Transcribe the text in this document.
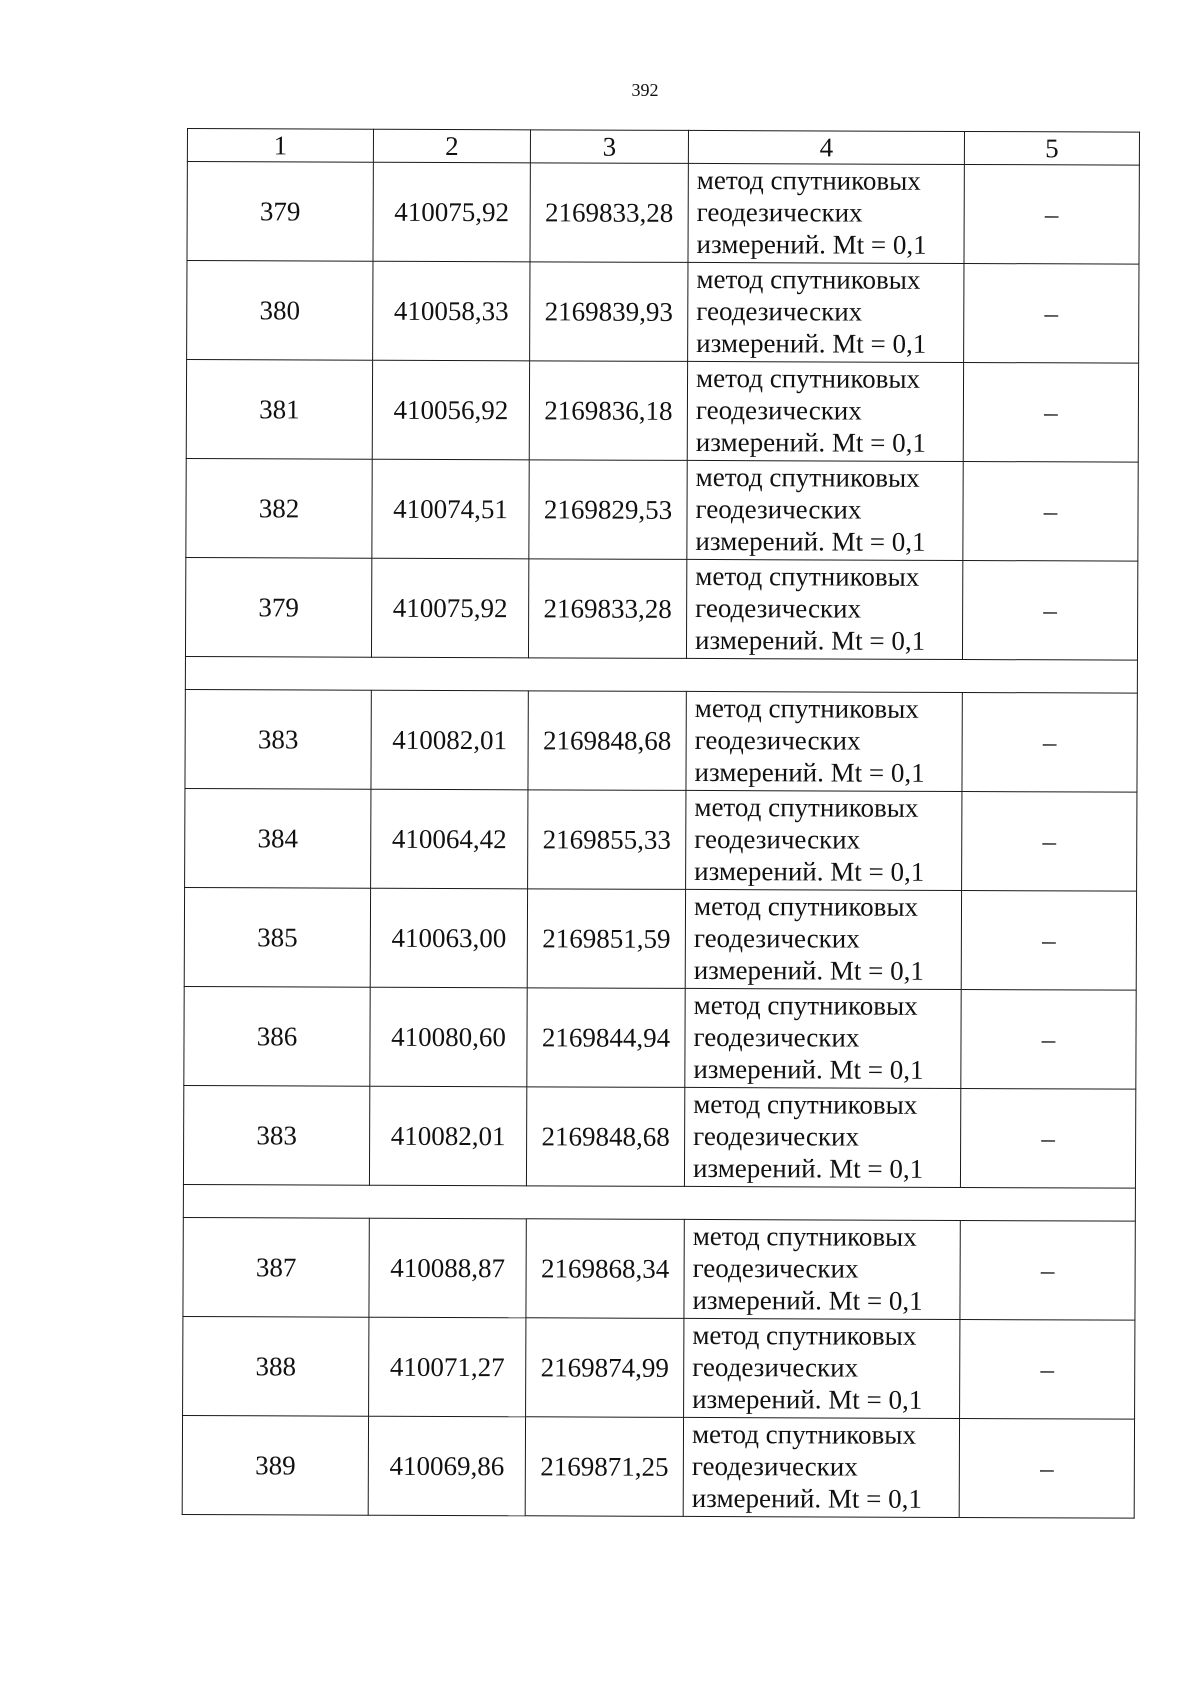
392
1	2	3	4	5
379	410075,92	2169833,28	метод спутниковых
геодезических
измерений. Mt = 0,1	–
380	410058,33	2169839,93	метод спутниковых
геодезических
измерений. Mt = 0,1	–
381	410056,92	2169836,18	метод спутниковых
геодезических
измерений. Mt = 0,1	–
382	410074,51	2169829,53	метод спутниковых
геодезических
измерений. Mt = 0,1	–
379	410075,92	2169833,28	метод спутниковых
геодезических
измерений. Mt = 0,1	–

383	410082,01	2169848,68	метод спутниковых
геодезических
измерений. Mt = 0,1	–
384	410064,42	2169855,33	метод спутниковых
геодезических
измерений. Mt = 0,1	–
385	410063,00	2169851,59	метод спутниковых
геодезических
измерений. Mt = 0,1	–
386	410080,60	2169844,94	метод спутниковых
геодезических
измерений. Mt = 0,1	–
383	410082,01	2169848,68	метод спутниковых
геодезических
измерений. Mt = 0,1	–

387	410088,87	2169868,34	метод спутниковых
геодезических
измерений. Mt = 0,1	–
388	410071,27	2169874,99	метод спутниковых
геодезических
измерений. Mt = 0,1	–
389	410069,86	2169871,25	метод спутниковых
геодезических
измерений. Mt = 0,1	–
